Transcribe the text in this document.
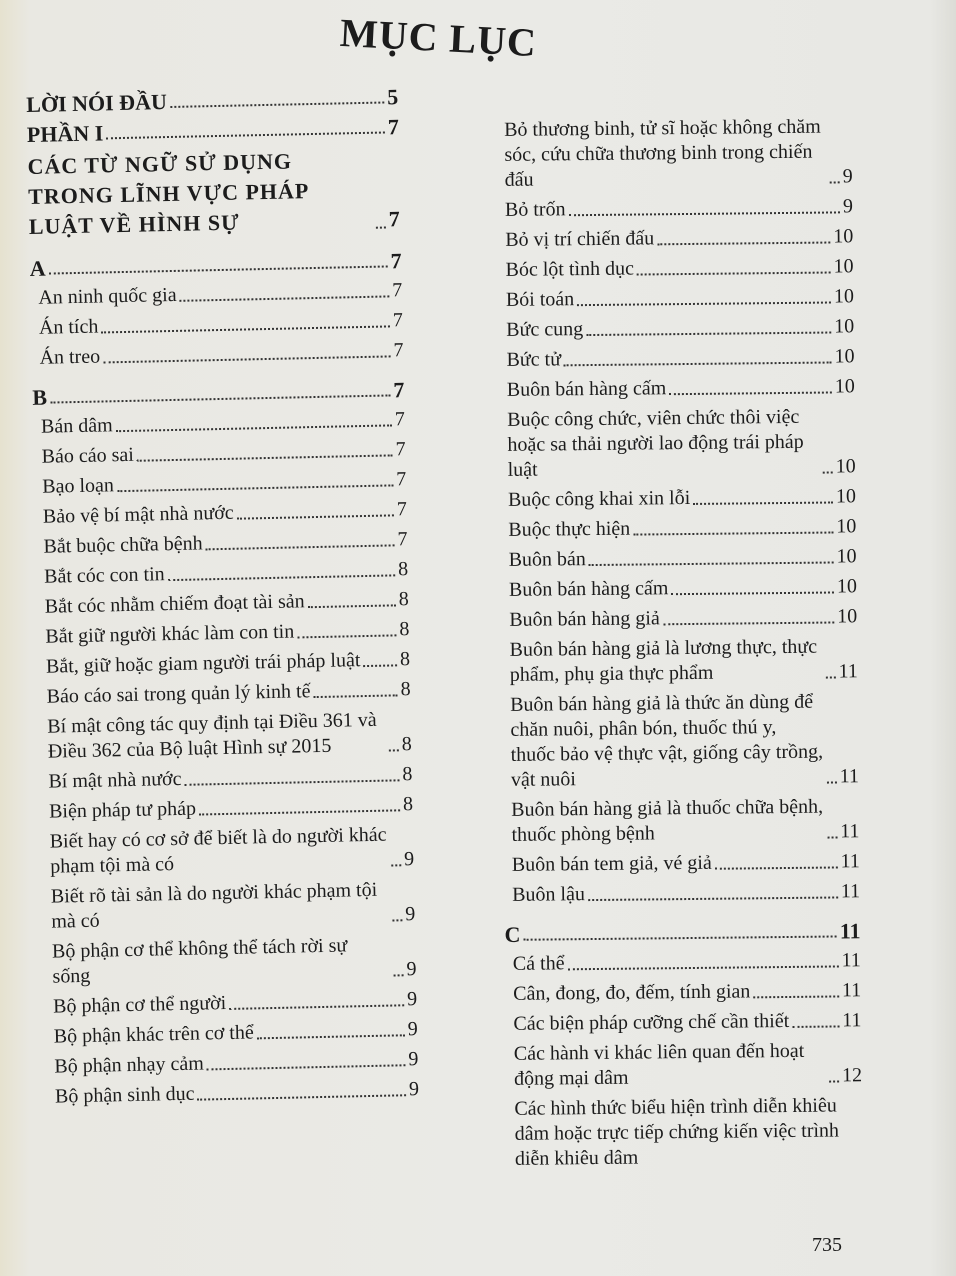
MỤC LỤC
LỜI NÓI ĐẦU	5
PHẦN I	7
CÁC TỪ NGỮ SỬ DỤNG TRONG LĨNH VỰC PHÁP LUẬT VỀ HÌNH SỰ	7
A	7
An ninh quốc gia	7
Án tích	7
Án treo	7
B	7
Bán dâm	7
Báo cáo sai	7
Bạo loạn	7
Bảo vệ bí mật nhà nước	7
Bắt buộc chữa bệnh	7
Bắt cóc con tin	8
Bắt cóc nhằm chiếm đoạt tài sản	8
Bắt giữ người khác làm con tin	8
Bắt, giữ hoặc giam người trái pháp luật 8
Báo cáo sai trong quản lý kinh tế	8
Bí mật công tác quy định tại Điều 361 và Điều 362 của Bộ luật Hình sự 2015	8
Bí mật nhà nước	8
Biện pháp tư pháp	8
Biết hay có cơ sở để biết là do người khác phạm tội mà có	9
Biết rõ tài sản là do người khác phạm tội mà có	9
Bộ phận cơ thể không thể tách rời sự sống	9
Bộ phận cơ thể người	9
Bộ phận khác trên cơ thể	9
Bộ phận nhạy cảm	9
Bộ phận sinh dục	9
Bỏ thương binh, tử sĩ hoặc không chăm sóc, cứu chữa thương binh trong chiến đấu	9
Bỏ trốn	9
Bỏ vị trí chiến đấu	10
Bóc lột tình dục	10
Bói toán	10
Bức cung	10
Bức tử	10
Buôn bán hàng cấm	10
Buộc công chức, viên chức thôi việc hoặc sa thải người lao động trái pháp luật	10
Buộc công khai xin lỗi	10
Buộc thực hiện	10
Buôn bán	10
Buôn bán hàng cấm	10
Buôn bán hàng giả	10
Buôn bán hàng giả là lương thực, thực phẩm, phụ gia thực phẩm	11
Buôn bán hàng giả là thức ăn dùng để chăn nuôi, phân bón, thuốc thú y, thuốc bảo vệ thực vật, giống cây trồng, vật nuôi	11
Buôn bán hàng giả là thuốc chữa bệnh, thuốc phòng bệnh	11
Buôn bán tem giả, vé giả	11
Buôn lậu	11
C	11
Cá thể	11
Cân, đong, đo, đếm, tính gian	11
Các biện pháp cưỡng chế cần thiết	11
Các hành vi khác liên quan đến hoạt động mại dâm	12
Các hình thức biểu hiện trình diễn khiêu dâm hoặc trực tiếp chứng kiến việc trình diễn khiêu dâm
735
